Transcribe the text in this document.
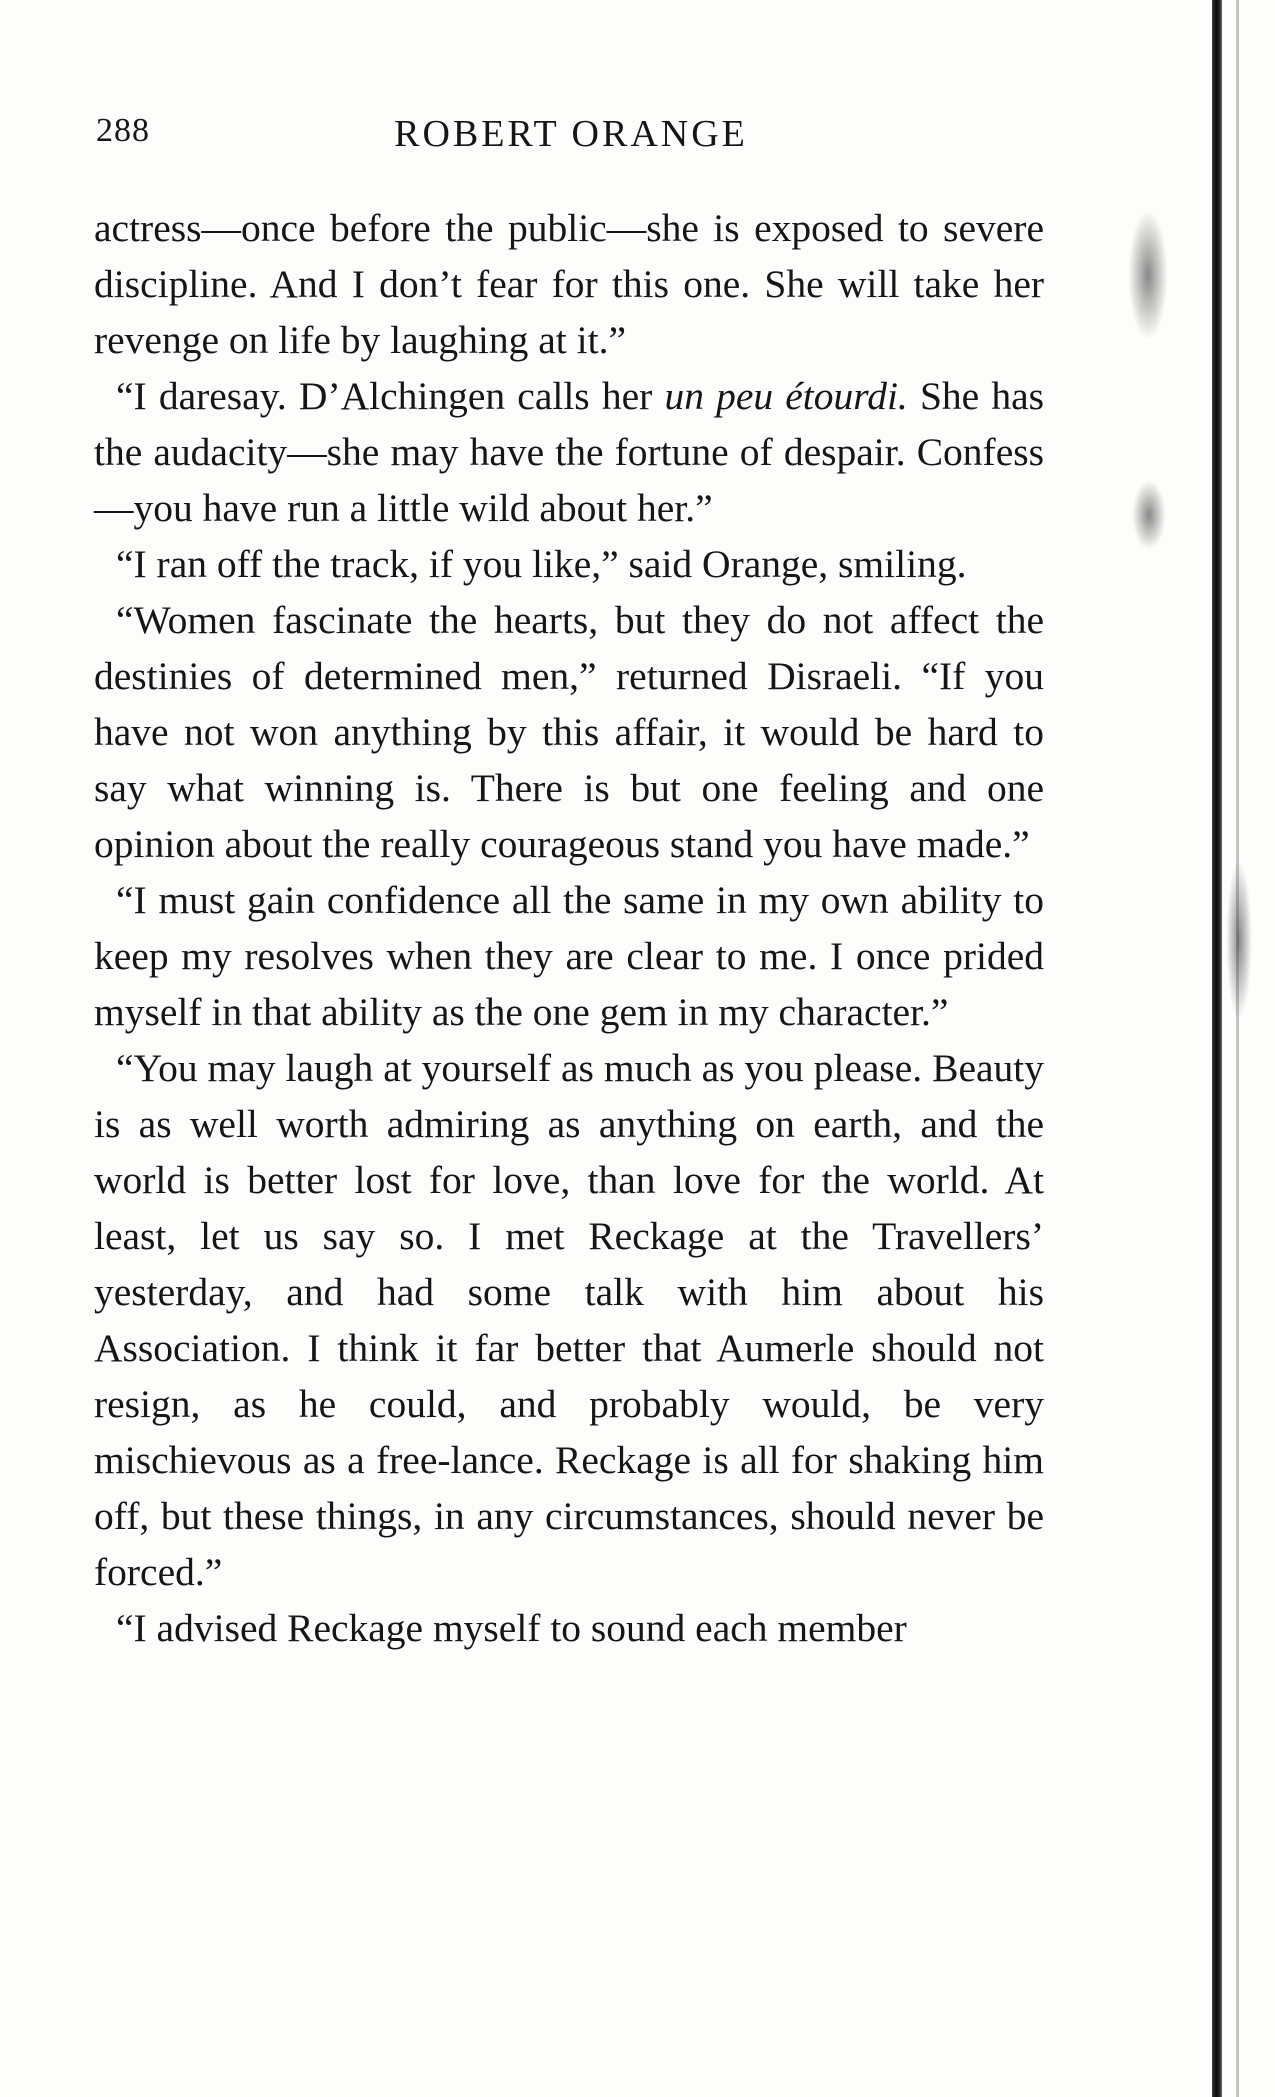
288	ROBERT ORANGE

actress—once before the public—she is exposed to severe discipline. And I don’t fear for this one. She will take her revenge on life by laughing at it.”

“I daresay. D’Alchingen calls her un peu étourdi. She has the audacity—she may have the fortune of despair. Confess—you have run a little wild about her.”

“I ran off the track, if you like,” said Orange, smiling.

“Women fascinate the hearts, but they do not affect the destinies of determined men,” returned Disraeli. “If you have not won anything by this affair, it would be hard to say what winning is. There is but one feeling and one opinion about the really courageous stand you have made.”

“I must gain confidence all the same in my own ability to keep my resolves when they are clear to me. I once prided myself in that ability as the one gem in my character.”

“You may laugh at yourself as much as you please. Beauty is as well worth admiring as anything on earth, and the world is better lost for love, than love for the world. At least, let us say so. I met Reckage at the Travellers’ yesterday, and had some talk with him about his Association. I think it far better that Aumerle should not resign, as he could, and probably would, be very mischievous as a free-lance. Reckage is all for shaking him off, but these things, in any circumstances, should never be forced.”

“I advised Reckage myself to sound each member
